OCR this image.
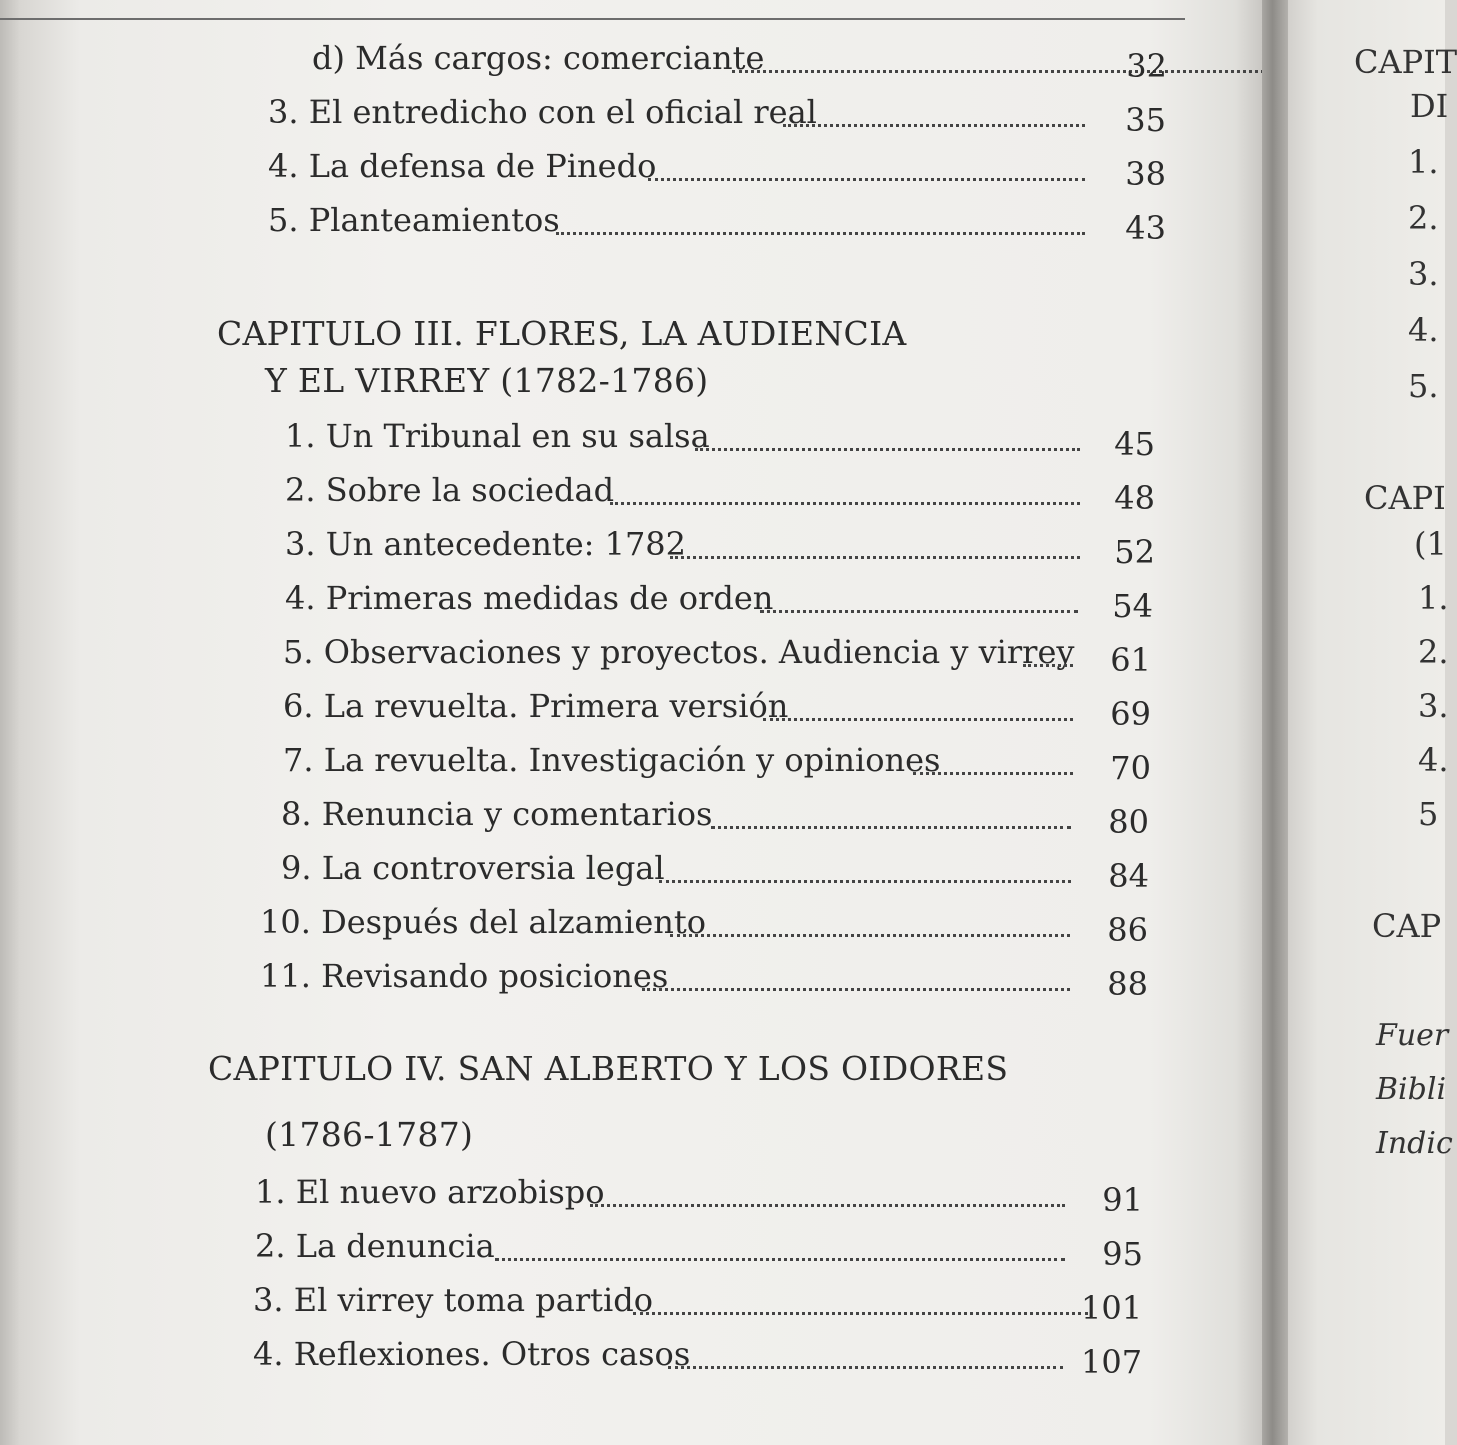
d) Más cargos: comerciante	32
3. El entredicho con el oficial real	35
4. La defensa de Pinedo	38
5. Planteamientos	43
CAPITULO III. FLORES, LA AUDIENCIA
Y EL VIRREY (1782-1786)
1. Un Tribunal en su salsa	45
2. Sobre la sociedad	48
3. Un antecedente: 1782	52
4. Primeras medidas de orden	54
5. Observaciones y proyectos. Audiencia y virrey	61
6. La revuelta. Primera versión	69
7. La revuelta. Investigación y opiniones	70
8. Renuncia y comentarios	80
9. La controversia legal	84
10. Después del alzamiento	86
11. Revisando posiciones	88
CAPITULO IV. SAN ALBERTO Y LOS OIDORES
(1786-1787)
1. El nuevo arzobispo	91
2. La denuncia	95
3. El virrey toma partido	101
4. Reflexiones. Otros casos	107
CAPIT
DI
1.
2.
3.
4.
5.
CAPI
(1
1.
2.
3.
4.
5
CAP
Fuer
Bibli
Indic
